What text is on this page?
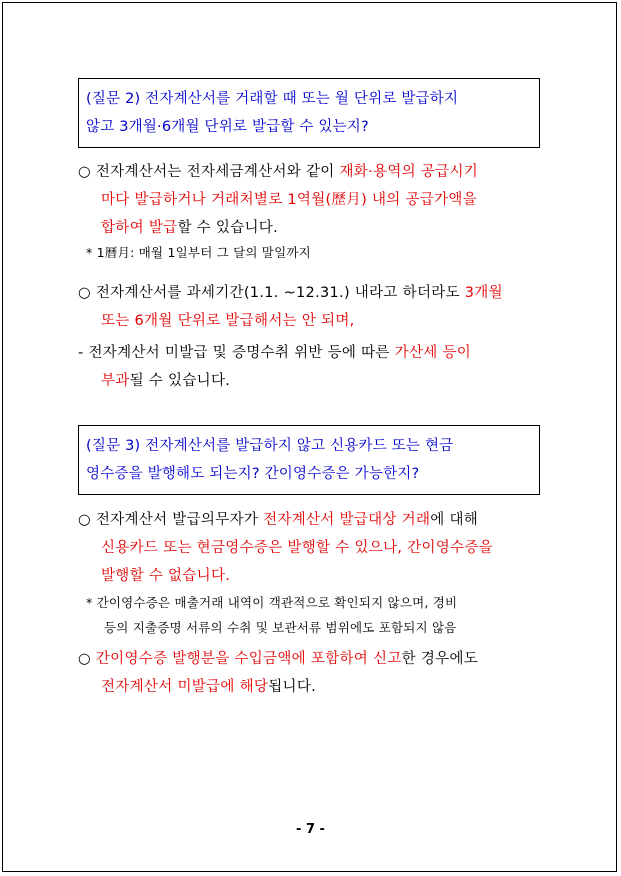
(질문 2) 전자계산서를 거래할 때 또는 월 단위로 발급하지
않고 3개월·6개월 단위로 발급할 수 있는지?
○ 전자계산서는 전자세금계산서와 같이 재화·용역의 공급시기
마다 발급하거나 거래처별로 1역월(歷月) 내의 공급가액을
합하여 발급할 수 있습니다.
* 1曆月: 매월 1일부터 그 달의 말일까지
○ 전자계산서를 과세기간(1.1. ~12.31.) 내라고 하더라도 3개월
또는 6개월 단위로 발급해서는 안 되며,
- 전자계산서 미발급 및 증명수취 위반 등에 따른 가산세 등이
부과될 수 있습니다.
(질문 3) 전자계산서를 발급하지 않고 신용카드 또는 현금
영수증을 발행해도 되는지? 간이영수증은 가능한지?
○ 전자계산서 발급의무자가 전자계산서 발급대상 거래에 대해
신용카드 또는 현금영수증은 발행할 수 있으나, 간이영수증을
발행할 수 없습니다.
* 간이영수증은 매출거래 내역이 객관적으로 확인되지 않으며, 경비
등의 지출증명 서류의 수취 및 보관서류 범위에도 포함되지 않음
○ 간이영수증 발행분을 수입금액에 포함하여 신고한 경우에도
전자계산서 미발급에 해당됩니다.
- 7 -
